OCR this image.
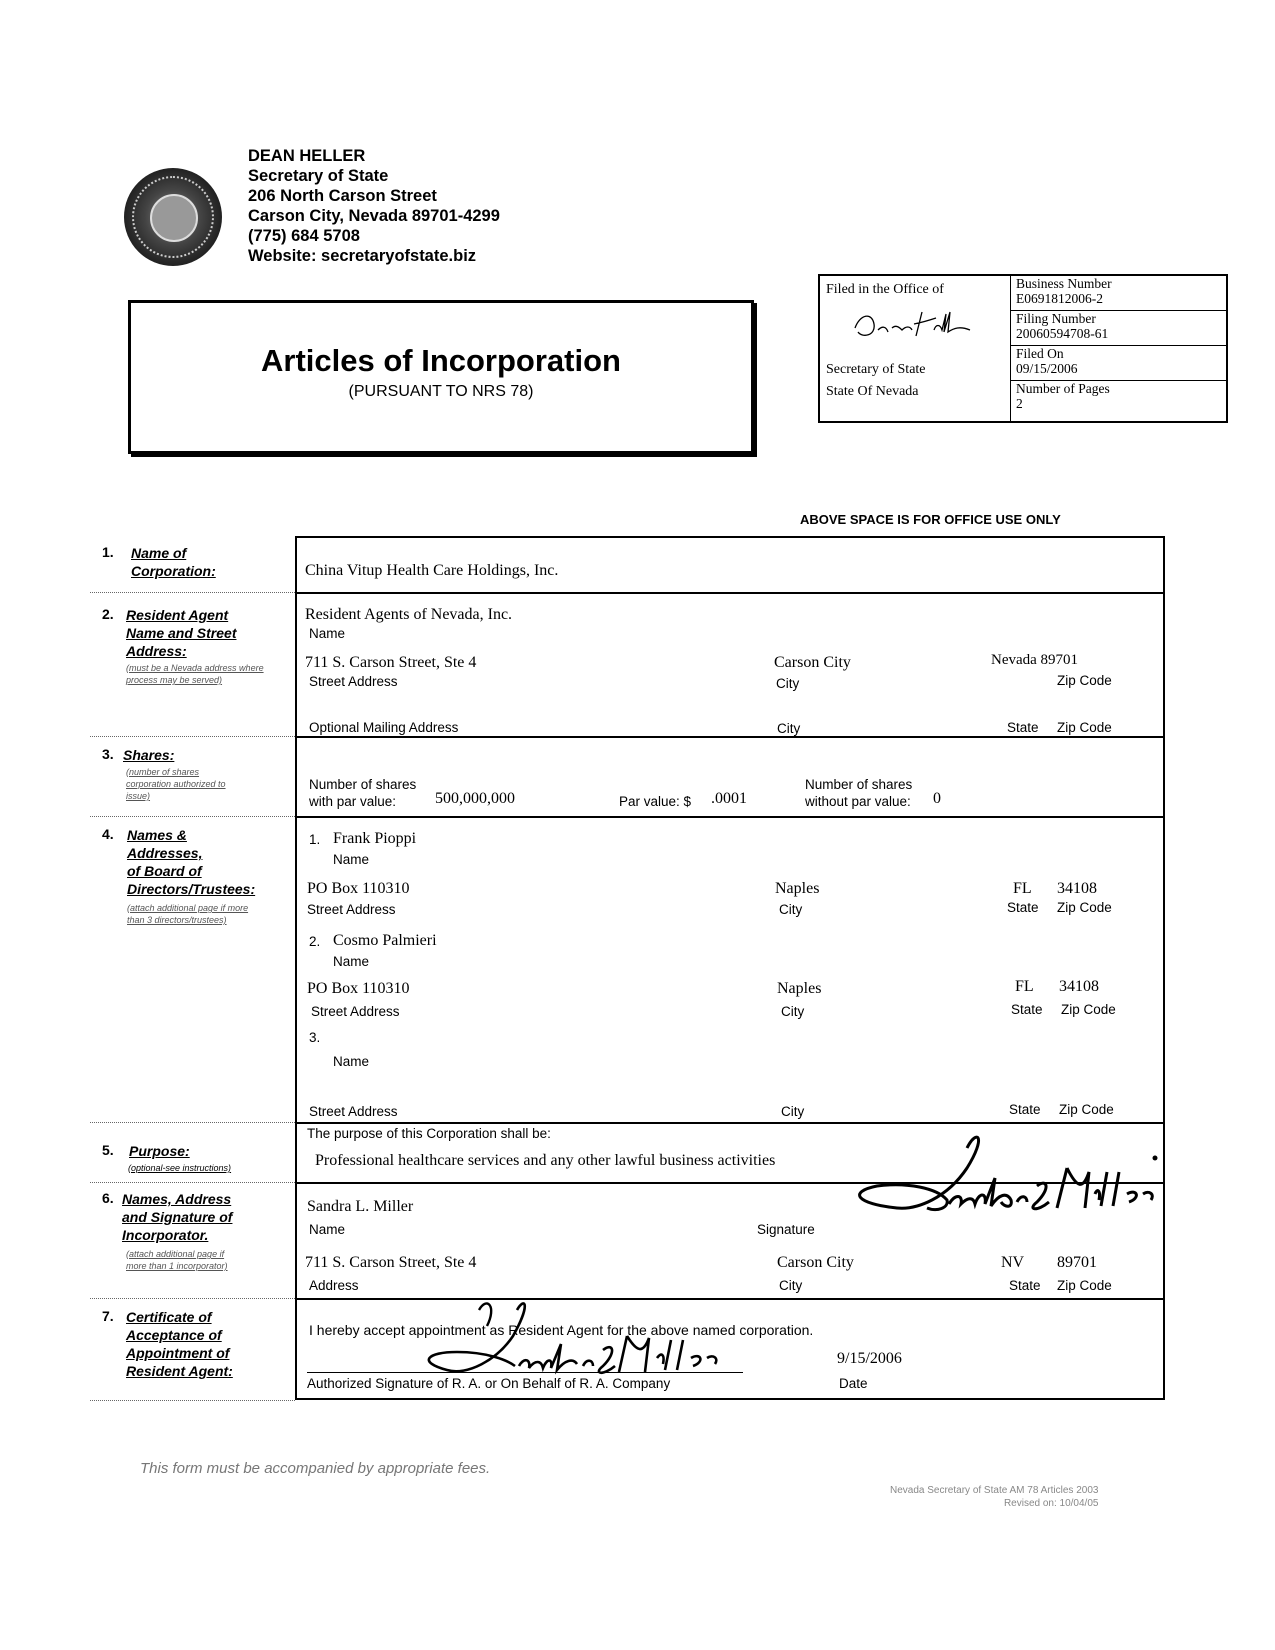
DEAN HELLER
Secretary of State
206 North Carson Street
Carson City, Nevada 89701-4299
(775) 684 5708
Website: secretaryofstate.biz
Articles of Incorporation
(PURSUANT TO NRS 78)
Filed in the Office of
Secretary of State
State Of Nevada
Business Number
E0691812006-2
Filing Number
20060594708-61
Filed On
09/15/2006
Number of Pages
2
ABOVE SPACE IS FOR OFFICE USE ONLY
1. Name of
Corporation:
2. Resident Agent
Name and Street
Address:
(must be a Nevada address where process may be served)
3. Shares:
(number of shares corporation authorized to issue)
4. Names &
Addresses,
of Board of
Directors/Trustees:
(attach additional page if more than 3 directors/trustees)
5. Purpose:
(optional-see instructions)
6. Names, Address
and Signature of
Incorporator.
(attach additional page if more than 1 incorporator)
7. Certificate of
Acceptance of
Appointment of
Resident Agent:
China Vitup Health Care Holdings, Inc.
Resident Agents of Nevada, Inc.
Name
711 S. Carson Street, Ste 4
Street Address
Carson City
City
Nevada 89701
Zip Code
Optional Mailing Address	City	State Zip Code
Number of shares
with par value:	500,000,000	Par value: $ .0001
Number of shares
without par value: 0
1. Frank Pioppi
Name
PO Box 110310
Street Address
Naples
City
FL 34108
State Zip Code
2. Cosmo Palmieri
Name
PO Box 110310
Street Address
Naples
City
FL 34108
State Zip Code
3.
Name
Street Address	City	State Zip Code
The purpose of this Corporation shall be:
Professional healthcare services and any other lawful business activities
Sandra L. Miller
Name	Signature
711 S. Carson Street, Ste 4
Address
Carson City
City
NV 89701
State Zip Code
I hereby accept appointment as Resident Agent for the above named corporation.
Authorized Signature of R. A. or On Behalf of R. A. Company
9/15/2006
Date
This form must be accompanied by appropriate fees.
Nevada Secretary of State AM 78 Articles 2003
Revised on: 10/04/05
